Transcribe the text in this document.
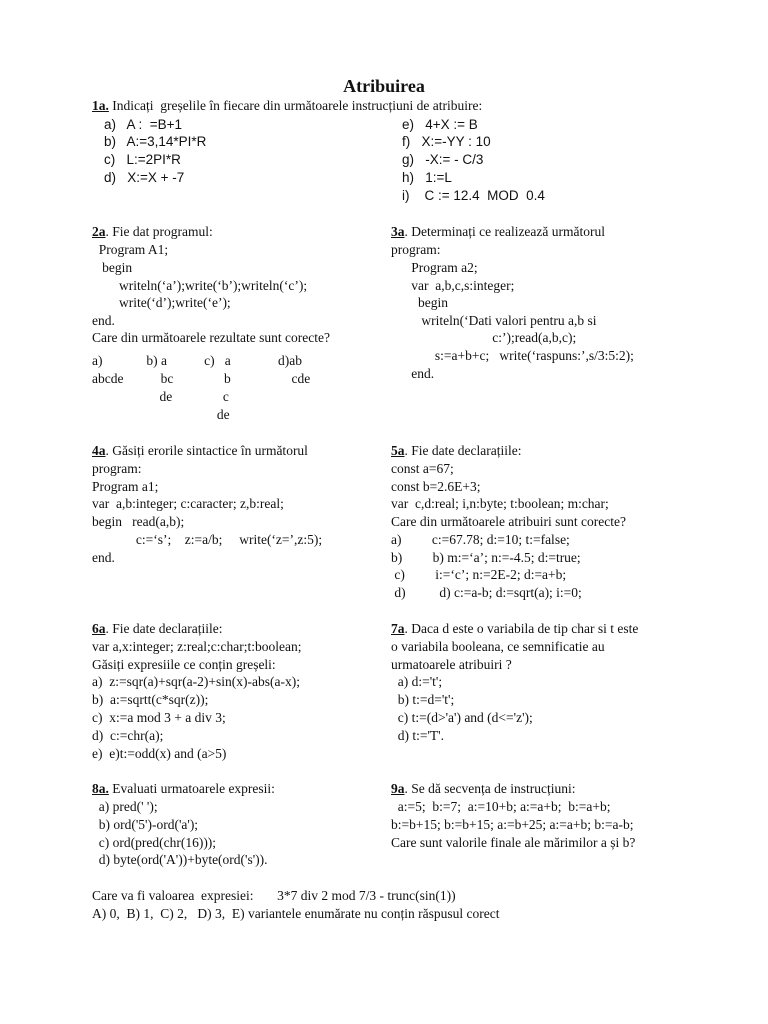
Atribuirea
1a. Indicați  greșelile în fiecare din următoarele instrucțiuni de atribuire:
a)   A :  =B+1
b)   A:=3,14*PI*R
c)   L:=2PI*R
d)   X:=X + -7
e)   4+X := B
f)   X:=-YY : 10
g)   -X:= - C/3
h)   1:=L
i)    C := 12.4  MOD  0.4
2a. Fie dat programul:
Program A1;
begin
writeln(‘a’);write(‘b’);writeln(‘c’);
write(‘d’);write(‘e’);
end.
Care din următoarele rezultate sunt corecte?
a)             b) a           c)   a              d)ab
abcde           bc               b                  cde
de               c
de
3a. Determinați ce realizează următorul
program:
Program a2;
var  a,b,c,s:integer;
begin
writeln(‘Dati valori pentru a,b si
c:’);read(a,b,c);
s:=a+b+c;   write(‘raspuns:’,s/3:5:2);
end.
4a. Găsiți erorile sintactice în următorul
program:
Program a1;
var  a,b:integer; c:caracter; z,b:real;
begin   read(a,b);
c:=‘s’;    z:=a/b;     write(‘z=’,z:5);
end.
5a. Fie date declarațiile:
const a=67;
const b=2.6E+3;
var  c,d:real; i,n:byte; t:boolean; m:char;
Care din următoarele atribuiri sunt corecte?
a)         c:=67.78; d:=10; t:=false;
b)         b) m:=‘a’; n:=-4.5; d:=true;
c)         i:=‘c’; n:=2E-2; d:=a+b;
d)          d) c:=a-b; d:=sqrt(a); i:=0;
6a. Fie date declarațiile:
var a,x:integer; z:real;c:char;t:boolean;
Găsiți expresiile ce conțin greșeli:
a)  z:=sqr(a)+sqr(a-2)+sin(x)-abs(a-x);
b)  a:=sqrtt(c*sqr(z));
c)  x:=a mod 3 + a div 3;
d)  c:=chr(a);
e)  e)t:=odd(x) and (a>5)
7a. Daca d este o variabila de tip char si t este
o variabila booleana, ce semnificatie au
urmatoarele atribuiri ?
a) d:='t';
b) t:=d='t';
c) t:=(d>'a') and (d<='z');
d) t:='T'.
8a. Evaluati urmatoarele expresii:
a) pred(' ');
b) ord('5')-ord('a');
c) ord(pred(chr(16)));
d) byte(ord('A'))+byte(ord('s')).
9a. Se dă secvența de instrucțiuni:
a:=5;  b:=7;  a:=10+b; a:=a+b;  b:=a+b;
b:=b+15; b:=b+15; a:=b+25; a:=a+b; b:=a-b;
Care sunt valorile finale ale mărimilor a și b?
Care va fi valoarea  expresiei:       3*7 div 2 mod 7/3 - trunc(sin(1))
A) 0,  B) 1,  C) 2,   D) 3,  E) variantele enumărate nu conțin răspusul corect
